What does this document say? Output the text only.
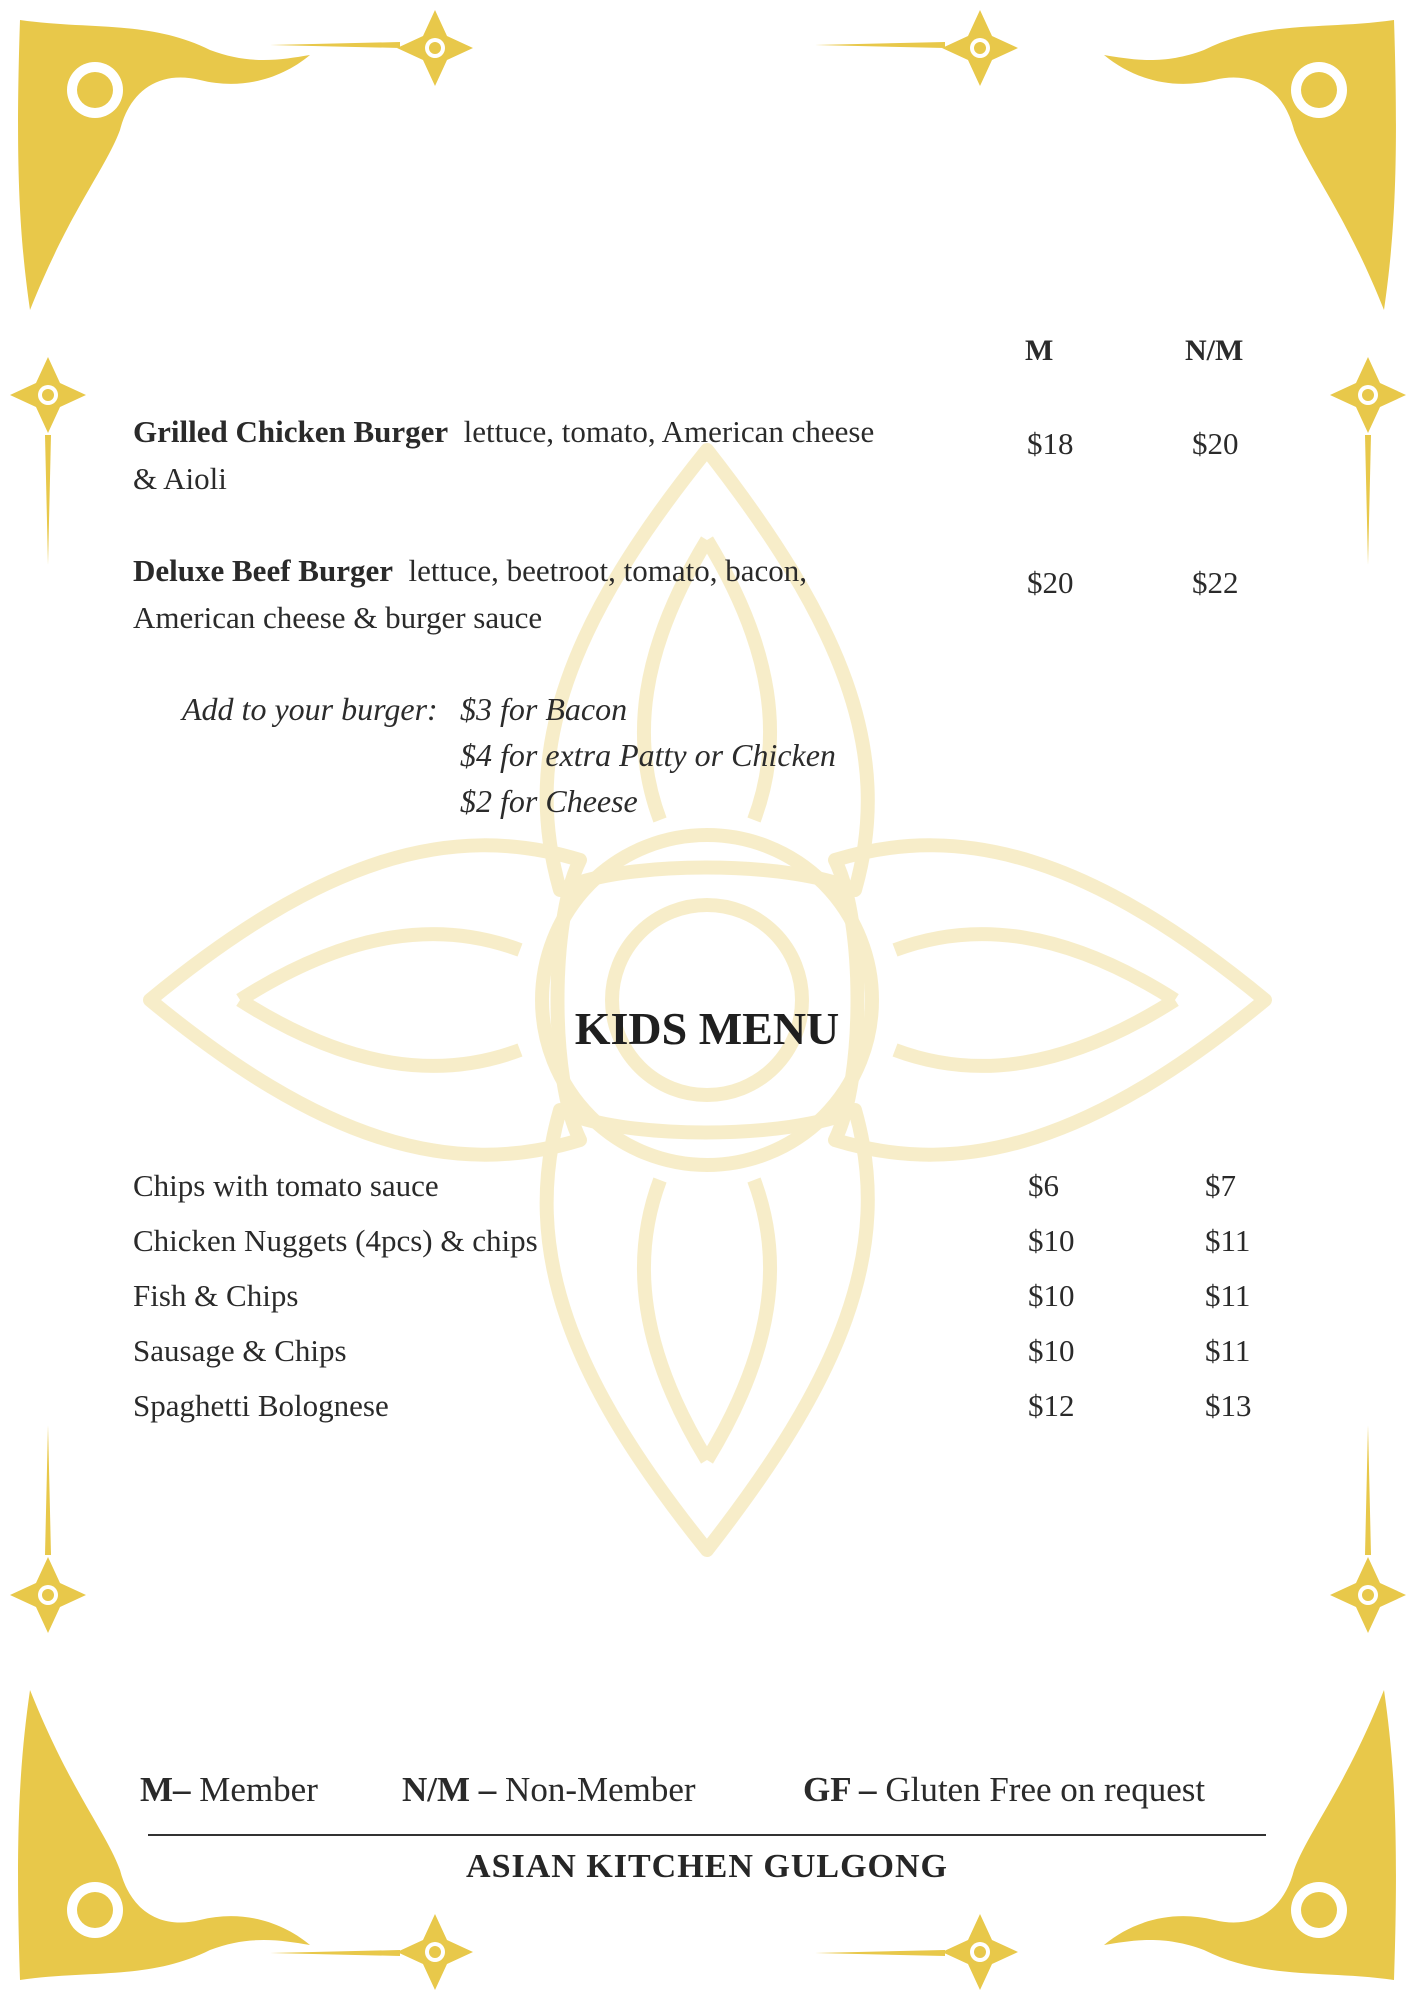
M	N/M
Grilled Chicken Burger lettuce, tomato, American cheese
& Aioli
$18	$20
Deluxe Beef Burger lettuce, beetroot, tomato, bacon,
American cheese & burger sauce
$20	$22
Add to your burger: $3 for Bacon
$4 for extra Patty or Chicken
$2 for Cheese
KIDS MENU
Chips with tomato sauce	$6	$7
Chicken Nuggets (4pcs) & chips	$10	$11
Fish & Chips	$10	$11
Sausage & Chips	$10	$11
Spaghetti Bolognese	$12	$13
M– Member N/M – Non-Member	GF – Gluten Free on request
ASIAN KITCHEN GULGONG
